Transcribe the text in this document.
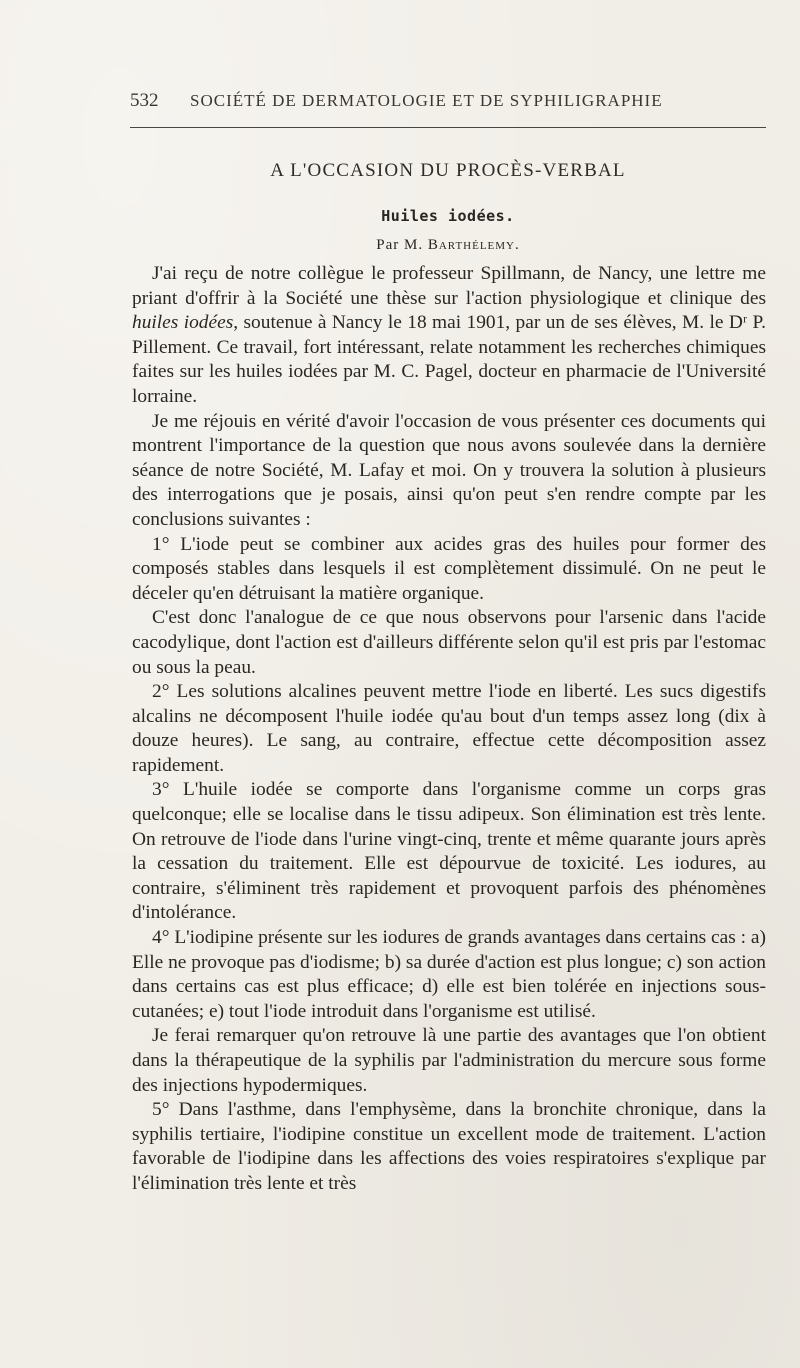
532	SOCIÉTÉ DE DERMATOLOGIE ET DE SYPHILIGRAPHIE
A L'OCCASION DU PROCÈS-VERBAL
Huiles iodées.
Par M. Barthélemy.

J'ai reçu de notre collègue le professeur Spillmann, de Nancy, une lettre me priant d'offrir à la Société une thèse sur l'action physiologique et clinique des huiles iodées, soutenue à Nancy le 18 mai 1901, par un de ses élèves, M. le Dʳ P. Pillement. Ce travail, fort intéressant, relate notamment les recherches chimiques faites sur les huiles iodées par M. C. Pagel, docteur en pharmacie de l'Université lorraine.

Je me réjouis en vérité d'avoir l'occasion de vous présenter ces documents qui montrent l'importance de la question que nous avons soulevée dans la dernière séance de notre Société, M. Lafay et moi. On y trouvera la solution à plusieurs des interrogations que je posais, ainsi qu'on peut s'en rendre compte par les conclusions suivantes :

1° L'iode peut se combiner aux acides gras des huiles pour former des composés stables dans lesquels il est complètement dissimulé. On ne peut le déceler qu'en détruisant la matière organique.

C'est donc l'analogue de ce que nous observons pour l'arsenic dans l'acide cacodylique, dont l'action est d'ailleurs différente selon qu'il est pris par l'estomac ou sous la peau.

2° Les solutions alcalines peuvent mettre l'iode en liberté. Les sucs digestifs alcalins ne décomposent l'huile iodée qu'au bout d'un temps assez long (dix à douze heures). Le sang, au contraire, effectue cette décomposition assez rapidement.

3° L'huile iodée se comporte dans l'organisme comme un corps gras quelconque; elle se localise dans le tissu adipeux. Son élimination est très lente. On retrouve de l'iode dans l'urine vingt-cinq, trente et même quarante jours après la cessation du traitement. Elle est dépourvue de toxicité. Les iodures, au contraire, s'éliminent très rapidement et provoquent parfois des phénomènes d'intolérance.

4° L'iodipine présente sur les iodures de grands avantages dans certains cas : a) Elle ne provoque pas d'iodisme; b) sa durée d'action est plus longue; c) son action dans certains cas est plus efficace; d) elle est bien tolérée en injections sous-cutanées; e) tout l'iode introduit dans l'organisme est utilisé.

Je ferai remarquer qu'on retrouve là une partie des avantages que l'on obtient dans la thérapeutique de la syphilis par l'administration du mercure sous forme des injections hypodermiques.

5° Dans l'asthme, dans l'emphysème, dans la bronchite chronique, dans la syphilis tertiaire, l'iodipine constitue un excellent mode de traitement. L'action favorable de l'iodipine dans les affections des voies respiratoires s'explique par l'élimination très lente et très
